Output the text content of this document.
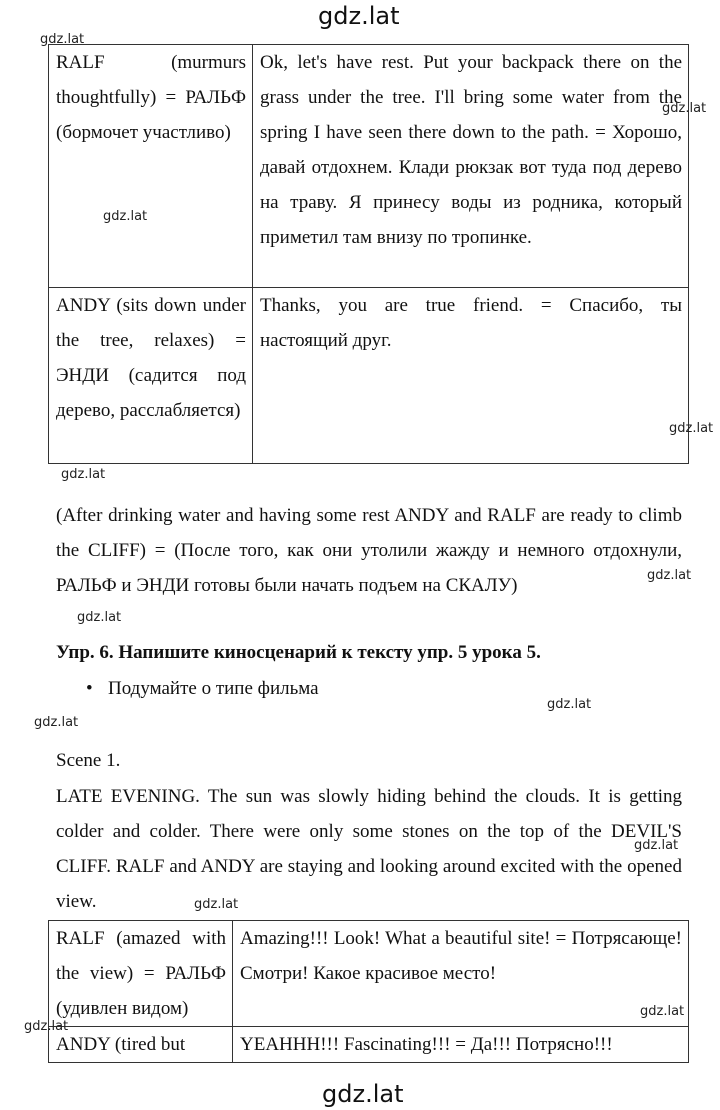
gdz.lat
gdz.lat
RALF (murmurs thoughtfully) = РАЛЬФ (бормочет участливо)	Ok, let's have rest. Put your backpack there on the grass under the tree. I'll bring some water from the spring I have seen there down to the path. = Хорошо, давай отдохнем. Клади рюкзак вот туда под дерево на траву. Я принесу воды из родника, который приметил там внизу по тропинке.
ANDY (sits down under the tree, relaxes) = ЭНДИ (садится под дерево, расслабляется)	Thanks, you are true friend. = Спасибо, ты настоящий друг.
(After drinking water and having some rest ANDY and RALF are ready to climb the CLIFF) = (После того, как они утолили жажду и немного отдохнули, РАЛЬФ и ЭНДИ готовы были начать подъем на СКАЛУ)
Упр. 6. Напишите киносценарий к тексту упр. 5 урока 5.
• Подумайте о типе фильма
Scene 1.
LATE EVENING. The sun was slowly hiding behind the clouds. It is getting colder and colder. There were only some stones on the top of the DEVIL'S CLIFF. RALF and ANDY are staying and looking around excited with the opened view.
RALF (amazed with the view) = РАЛЬФ (удивлен видом)	Amazing!!! Look! What a beautiful site! = Потрясающе! Смотри! Какое красивое место!
ANDY (tired but	YEAHHH!!! Fascinating!!! = Да!!! Потрясно!!!
gdz.lat
gdz.lat
gdz.lat
gdz.lat
gdz.lat
gdz.lat
gdz.lat
gdz.lat
gdz.lat
gdz.lat
gdz.lat
gdz.lat
gdz.lat
